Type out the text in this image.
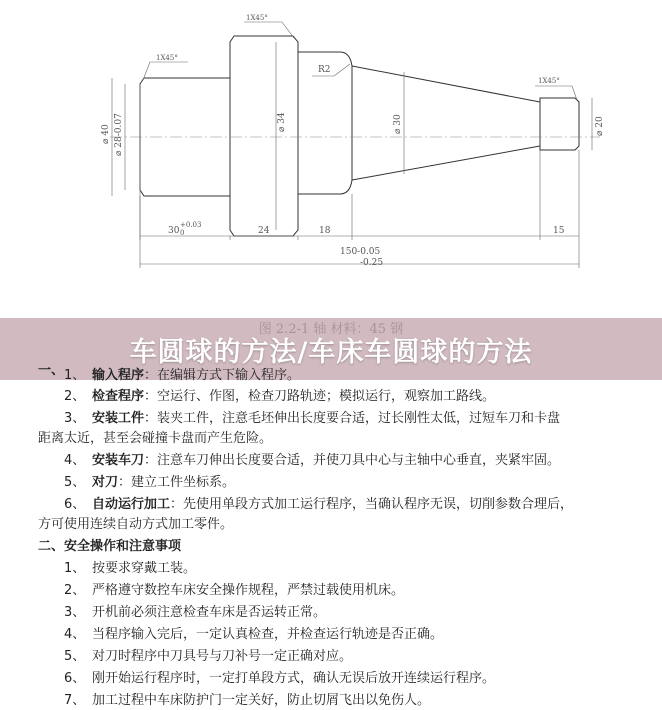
1X45°
1X45°
1X45°
R2
⌀ 40 ⌀ 28-0.07	⌀ 34	⌀ 30	⌀ 20
30
+0.03
0	24	18	15
150-0.05
-0.25
车圆球的方法/车床车圆球的方法
一、 1、 输入程序：在编辑方式下输入程序。
2、 检查程序：空运行、作图，检查刀路轨迹；模拟运行，观察加工路线。
3、 安装工件：装夹工件，注意毛坯伸出长度要合适，过长刚性太低，过短车刀和卡盘
距离太近，甚至会碰撞卡盘而产生危险。
4、 安装车刀：注意车刀伸出长度要合适，并使刀具中心与主轴中心垂直，夹紧牢固。
5、 对刀：建立工件坐标系。
6、 自动运行加工：先使用单段方式加工运行程序，当确认程序无误，切削参数合理后，
方可使用连续自动方式加工零件。
二、安全操作和注意事项
1、 按要求穿戴工装。
2、 严格遵守数控车床安全操作规程，严禁过载使用机床。
3、 开机前必须注意检查车床是否运转正常。
4、 当程序输入完后，一定认真检查，并检查运行轨迹是否正确。
5、 对刀时程序中刀具号与刀补号一定正确对应。
6、 刚开始运行程序时，一定打单段方式，确认无误后放开连续运行程序。
7、 加工过程中车床防护门一定关好，防止切屑飞出以免伤人。
